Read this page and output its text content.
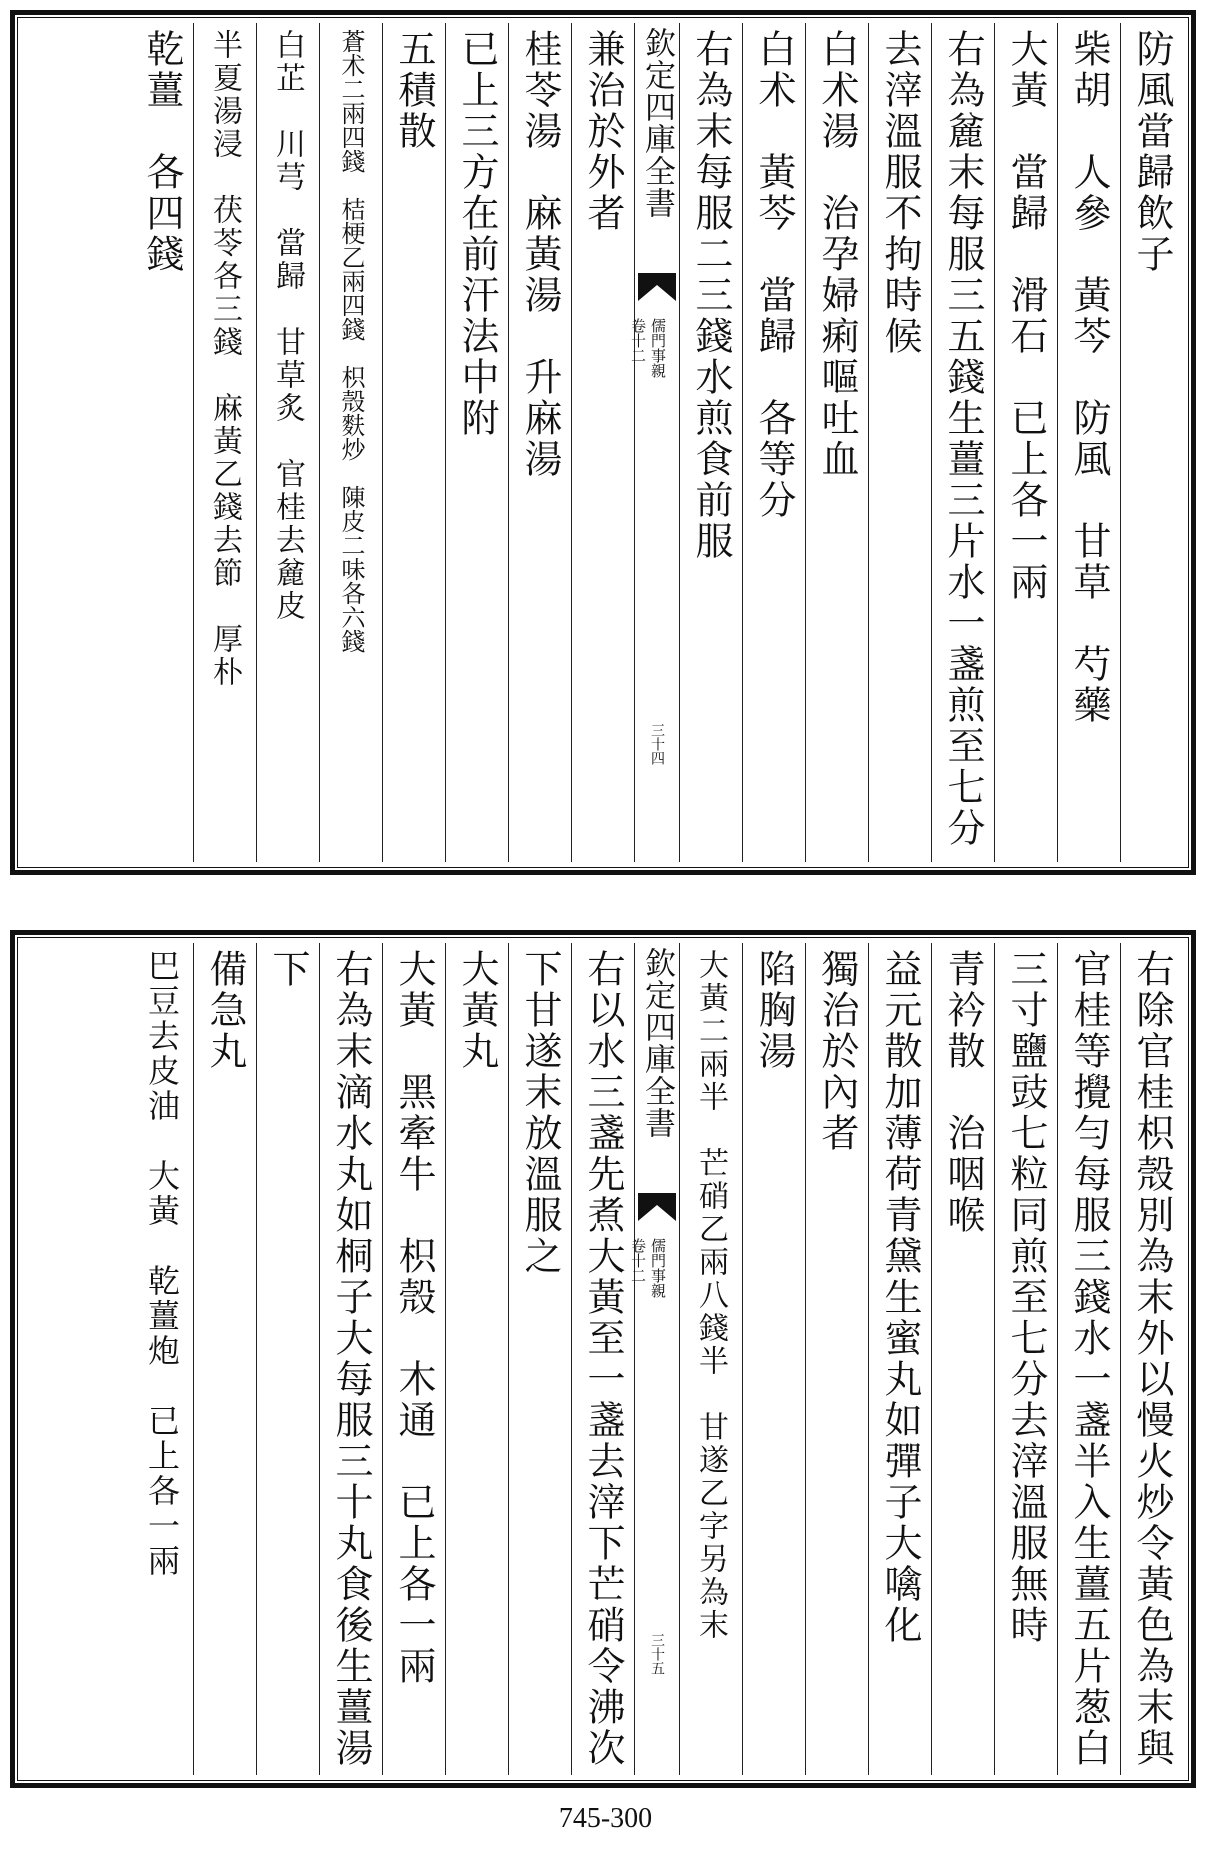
防風當歸飲子
柴胡　人參　黃芩　防風　甘草　芍藥
大黃　當歸　滑石　已上各一兩
右為麄末每服三五錢生薑三片水一盞煎至七分
去滓溫服不拘時候
白术湯　治孕婦痢嘔吐血
白术　黃芩　當歸　各等分
右為末每服二三錢水煎食前服
欽定四庫全書
儒門事親
卷十二
三十四
兼治於外者
桂苓湯　麻黃湯　升麻湯
已上三方在前汗法中附
五積散
蒼术二兩四錢　桔梗乙兩四錢　枳殼麩炒　陳皮二味各六錢
白芷　川芎　當歸　甘草炙　官桂去麄皮
半夏湯浸　茯苓各三錢　麻黃乙錢去節　厚朴
乾薑　各四錢
右除官桂枳殼別為末外以慢火炒令黃色為末與
官桂等攪勻每服三錢水一盞半入生薑五片葱白
三寸鹽豉七粒同煎至七分去滓溫服無時
青衿散　治咽喉
益元散加薄荷青黛生蜜丸如彈子大噙化
獨治於內者
陷胸湯
大黃二兩半　芒硝乙兩八錢半　甘遂乙字另為末
欽定四庫全書
儒門事親
卷十二
三十五
右以水三盞先煮大黃至一盞去滓下芒硝令沸次
下甘遂末放溫服之
大黃丸
大黃　黑牽牛　枳殼　木通　已上各一兩
右為末滴水丸如桐子大每服三十丸食後生薑湯
下
備急丸
巴豆去皮油　大黃　乾薑炮　已上各一兩
745-300
